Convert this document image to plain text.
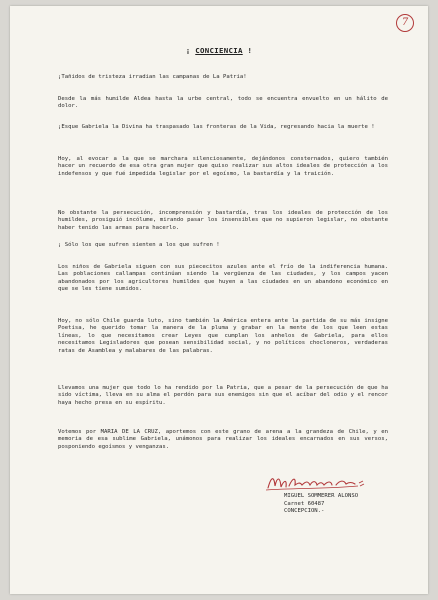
7
¡ CONCIENCIA !

¡Tañidos de tristeza irradian las campanas de La Patria!

Desde la más humilde Aldea hasta la urbe central, todo se encuentra envuelto en un hálito de dolor.

¡Esque Gabriela la Divina ha traspasado las fronteras de la Vida, regresando hacia la muerte !

Hoy, al evocar a la que se marchara silenciosamente, dejándonos consternados, quiero también hacer un recuerdo de esa otra gran mujer que quiso realizar sus altos ideales de protección a los indefensos y que fué impedida legislar por el egoísmo, la bastardía y la traición.

No obstante la persecución, incomprensión y bastardía, tras los ideales de protección de los humildes, prosiguió incólume, mirando pasar los insensibles que no supieron legislar, no obstante haber tenido las armas para hacerlo.

¡ Sólo los que sufren sienten a los que sufren !

Los niños de Gabriela siguen con sus piececitos azules ante el frío de la indiferencia humana. Las poblaciones callampas continúan siendo la vergüenza de las ciudades, y los campos yacen abandonados por los agricultores humildes que huyen a las ciudades en un abandono económico en que se les tiene sumidos.

Hoy, no sólo Chile guarda luto, sino también la América entera ante la partida de su más insigne Poetisa, he querido tomar la manera de la pluma y grabar en la mente de los que leen estas líneas, lo que necesitamos crear Leyes que cumplan los anhelos de Gabriela, para ellos necesitamos Legisladores que posean sensibilidad social, y no políticos chocloneros, verdaderas ratas de Asamblea y malabares de las palabras.

Llevamos una mujer que todo lo ha rendido por la Patria, que a pesar de la persecución de que ha sido víctima, lleva en su alma el perdón para sus enemigos sin que el acíbar del odio y el rencor haya hecho presa en su espíritu.

Votemos por MARIA DE LA CRUZ, aportemos con este grano de arena a la grandeza de Chile, y en memoria de esa sublime Gabriela, unámonos para realizar los ideales encarnados en sus versos, posponiendo egoísmos y venganzas.

MIGUEL SOMMERER ALONSO
Carnet 60487
CONCEPCION.-
